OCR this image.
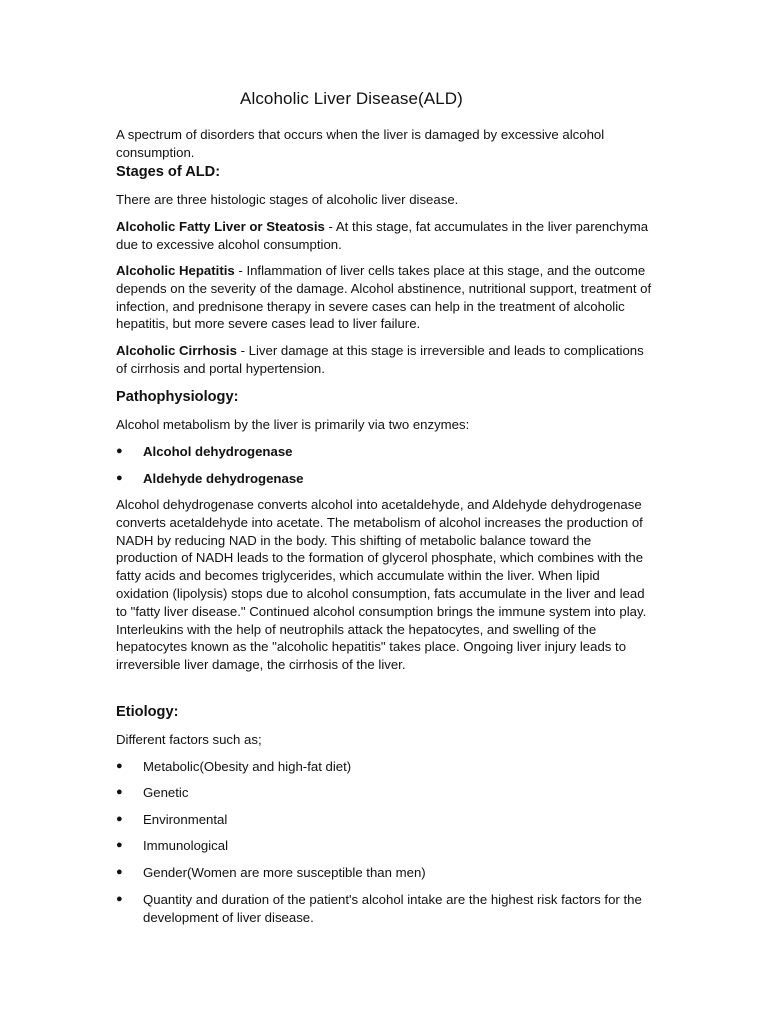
Alcoholic Liver Disease(ALD)

A spectrum of disorders that occurs when the liver is damaged by excessive alcohol consumption.

Stages of ALD:

There are three histologic stages of alcoholic liver disease.

Alcoholic Fatty Liver or Steatosis - At this stage, fat accumulates in the liver parenchyma due to excessive alcohol consumption.

Alcoholic Hepatitis - Inflammation of liver cells takes place at this stage, and the outcome depends on the severity of the damage. Alcohol abstinence, nutritional support, treatment of infection, and prednisone therapy in severe cases can help in the treatment of alcoholic hepatitis, but more severe cases lead to liver failure.

Alcoholic Cirrhosis - Liver damage at this stage is irreversible and leads to complications of cirrhosis and portal hypertension.

Pathophysiology:

Alcohol metabolism by the liver is primarily via two enzymes:

● Alcohol dehydrogenase
● Aldehyde dehydrogenase

Alcohol dehydrogenase converts alcohol into acetaldehyde, and Aldehyde dehydrogenase converts acetaldehyde into acetate. The metabolism of alcohol increases the production of NADH by reducing NAD in the body. This shifting of metabolic balance toward the production of NADH leads to the formation of glycerol phosphate, which combines with the fatty acids and becomes triglycerides, which accumulate within the liver. When lipid oxidation (lipolysis) stops due to alcohol consumption, fats accumulate in the liver and lead to "fatty liver disease." Continued alcohol consumption brings the immune system into play. Interleukins with the help of neutrophils attack the hepatocytes, and swelling of the hepatocytes known as the "alcoholic hepatitis" takes place. Ongoing liver injury leads to irreversible liver damage, the cirrhosis of the liver.

Etiology:

Different factors such as;

● Metabolic(Obesity and high-fat diet)
● Genetic
● Environmental
● Immunological
● Gender(Women are more susceptible than men)
● Quantity and duration of the patient's alcohol intake are the highest risk factors for the development of liver disease.
